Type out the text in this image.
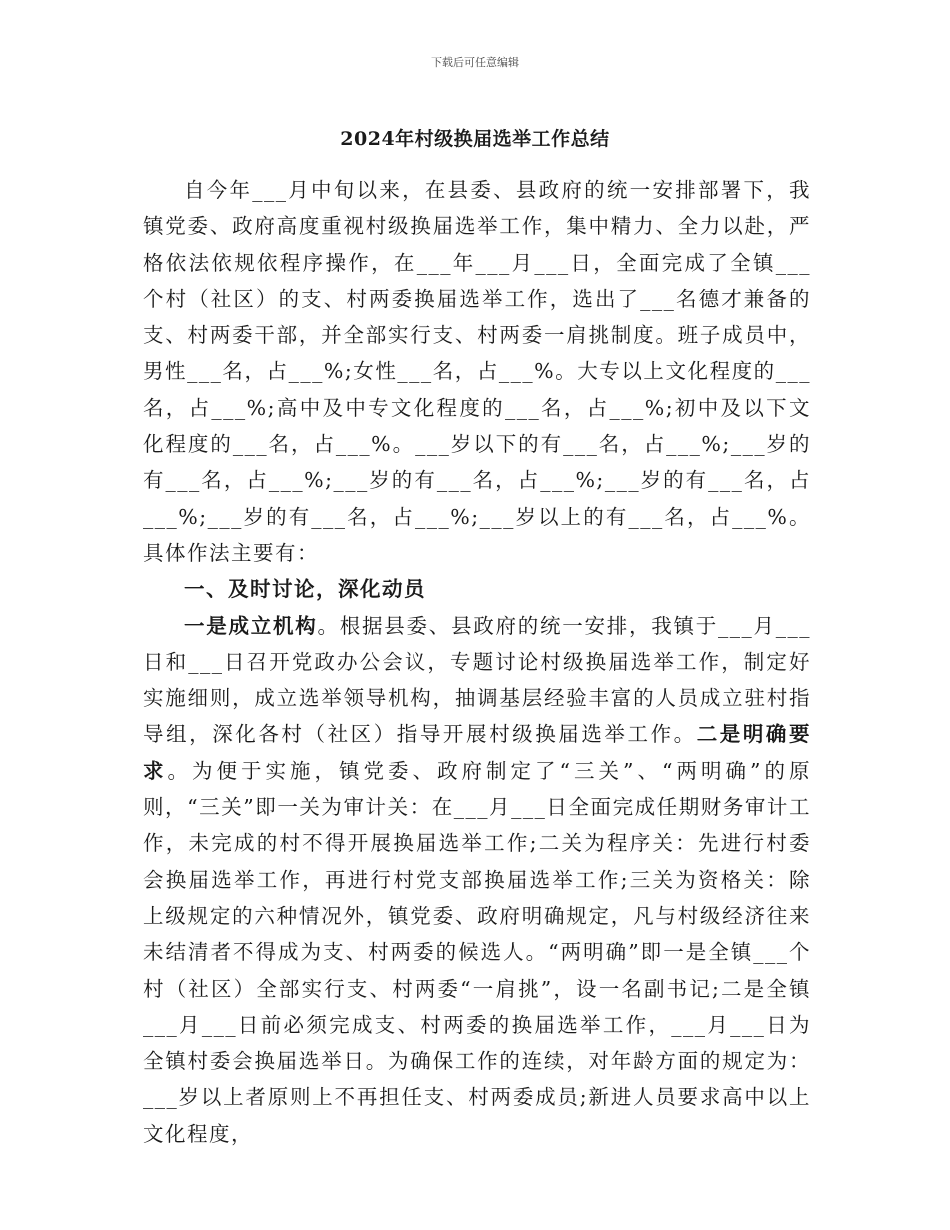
下载后可任意编辑
2024年村级换届选举工作总结

自今年___月中旬以来，在县委、县政府的统一安排部署下，我镇党委、政府高度重视村级换届选举工作，集中精力、全力以赴，严格依法依规依程序操作，在___年___月___日，全面完成了全镇___个村（社区）的支、村两委换届选举工作，选出了___名德才兼备的支、村两委干部，并全部实行支、村两委一肩挑制度。班子成员中，男性___名，占___%;女性___名，占___%。大专以上文化程度的___名，占___%;高中及中专文化程度的___名，占___%;初中及以下文化程度的___名，占___%。___岁以下的有___名，占___%;___岁的有___名，占___%;___岁的有___名，占___%;___岁的有___名，占___%;___岁的有___名，占___%;___岁以上的有___名，占___%。具体作法主要有：

一、及时讨论，深化动员

一是成立机构。根据县委、县政府的统一安排，我镇于___月___日和___日召开党政办公会议，专题讨论村级换届选举工作，制定好实施细则，成立选举领导机构，抽调基层经验丰富的人员成立驻村指导组，深化各村（社区）指导开展村级换届选举工作。二是明确要求。为便于实施，镇党委、政府制定了“三关”、“两明确”的原则，“三关”即一关为审计关：在___月___日全面完成任期财务审计工作，未完成的村不得开展换届选举工作;二关为程序关：先进行村委会换届选举工作，再进行村党支部换届选举工作;三关为资格关：除上级规定的六种情况外，镇党委、政府明确规定，凡与村级经济往来未结清者不得成为支、村两委的候选人。“两明确”即一是全镇___个村（社区）全部实行支、村两委“一肩挑”，设一名副书记;二是全镇___月___日前必须完成支、村两委的换届选举工作，___月___日为全镇村委会换届选举日。为确保工作的连续，对年龄方面的规定为：___岁以上者原则上不再担任支、村两委成员;新进人员要求高中以上文化程度，
